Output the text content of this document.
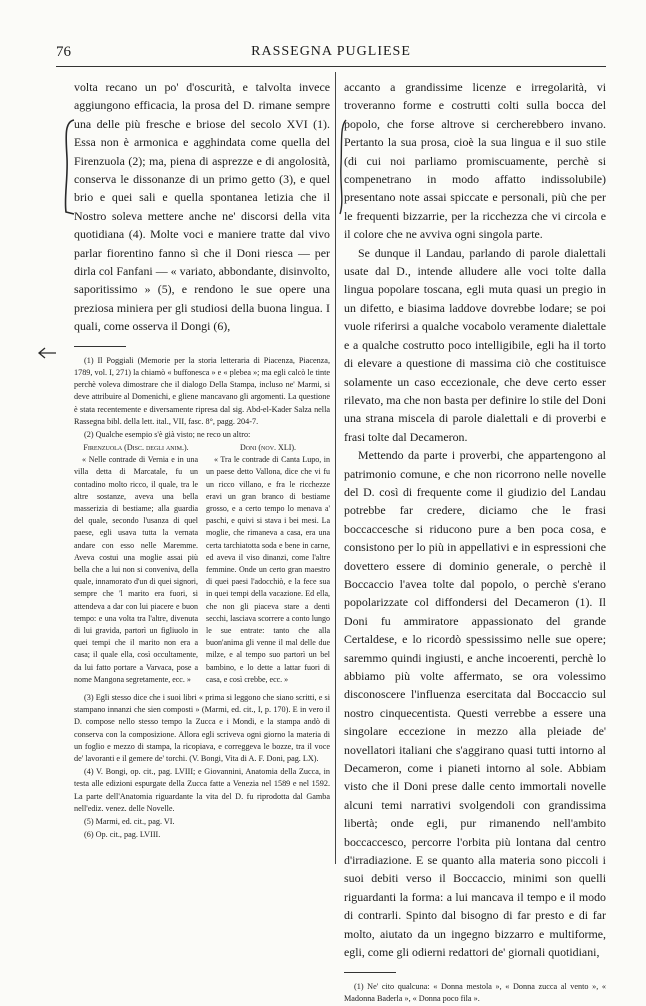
76	RASSEGNA PUGLIESE

volta recano un po' d'oscurità, e talvolta invece aggiungono efficacia, la prosa del D. rimane sempre una delle più fresche e briose del secolo XVI (1). Essa non è armonica e agghindata come quella del Firenzuola (2); ma, piena di asprezze e di angolosità, conserva le dissonanze di un primo getto (3), e quel brio e quei sali e quella spontanea letizia che il Nostro soleva mettere anche ne' discorsi della vita quotidiana (4). Molte voci e maniere tratte dal vivo parlar fiorentino fanno sì che il Doni riesca — per dirla col Fanfani — « variato, abbondante, disinvolto, saporitissimo » (5), e rendono le sue opere una preziosa miniera per gli studiosi della buona lingua. I quali, come osserva il Dongi (6),

(1) Il Poggiali (Memorie per la storia letteraria di Piacenza, Piacenza, 1789, vol. I, 271) la chiamò « buffonesca » e « plebea »; ma egli calcò le tinte perchè voleva dimostrare che il dialogo Della Stampa, incluso ne' Marmi, si deve attribuire al Domenichi, e gliene mancavano gli argomenti. La questione è stata recentemente e diversamente ripresa dal sig. Abd-el-Kader Salza nella Rassegna bibl. della lett. ital., VII, fasc. 8°, pagg. 204-7.

(2) Qualche esempio s'è già visto; ne reco un altro:

Firenzuola (Disc. degli anim.).

« Nelle contrade di Vernia e in una villa detta di Marcatale, fu un contadino molto ricco, il quale, tra le altre sostanze, aveva una bella masserizia di bestiame; alla guardia del quale, secondo l'usanza di quel paese, egli usava tutta la vernata andare con esso nelle Maremme. Aveva costui una moglie assai più bella che a lui non si conveniva, della quale, innamorato d'un di quei signori, sempre che 'l marito era fuori, si attendeva a dar con lui piacere e buon tempo: e una volta tra l'altre, divenuta di lui gravida, partorì un figliuolo in quei tempi che il marito non era a casa; il quale ella, così occultamente, da lui fatto portare a Varvaca, pose a nome Mangona segretamente, ecc. »

Doni (nov. XLI).

« Tra le contrade di Canta Lupo, in un paese detto Vallona, dice che vi fu un ricco villano, e fra le ricchezze eravi un gran branco di bestiame grosso, e a certo tempo lo menava a' paschi, e quivi si stava i bei mesi. La moglie, che rimaneva a casa, era una certa tarchiatotta soda e bene in carne, ed aveva il viso dinanzi, come l'altre femmine. Onde un certo gran maestro di quei paesi l'adocchiò, e la fece sua in quei tempi della vacazione. Ed ella, che non gli piaceva stare a denti secchi, lasciava scorrere a conto lungo le sue entrate: tanto che alla buon'anima gli venne il mal delle due milze, e al tempo suo partorì un bel bambino, e lo dette a lattar fuori di casa, e così crebbe, ecc. »

(3) Egli stesso dice che i suoi libri « prima si leggono che siano scritti, e si stampano innanzi che sien composti » (Marmi, ed. cit., I, p. 170). E in vero il D. compose nello stesso tempo la Zucca e i Mondi, e la stampa andò di conserva con la composizione. Allora egli scriveva ogni giorno la materia di un foglio e mezzo di stampa, la ricopiava, e correggeva le bozze, tra il voce de' lavoranti e il gemere de' torchi. (V. Bongi, Vita di A. F. Doni, pag. LX).

(4) V. Bongi, op. cit., pag. LVIII; e Giovannini, Anatomia della Zucca, in testa alle edizioni espurgate della Zucca fatte a Venezia nel 1589 e nel 1592. La parte dell'Anatomia riguardante la vita del D. fu riprodotta dal Gamba nell'ediz. venez. delle Novelle.

(5) Marmi, ed. cit., pag. VI.

(6) Op. cit., pag. LVIII.

accanto a grandissime licenze e irregolarità, vi troveranno forme e costrutti colti sulla bocca del popolo, che forse altrove si cercherebbero invano. Pertanto la sua prosa, cioè la sua lingua e il suo stile (di cui noi parliamo promiscuamente, perchè si compenetrano in modo affatto indissolubile) presentano note assai spiccate e personali, più che per le frequenti bizzarrie, per la ricchezza che vi circola e il colore che ne avviva ogni singola parte.

Se dunque il Landau, parlando di parole dialettali usate dal D., intende alludere alle voci tolte dalla lingua popolare toscana, egli muta quasi un pregio in un difetto, e biasima laddove dovrebbe lodare; se poi vuole riferirsi a qualche vocabolo veramente dialettale e a qualche costrutto poco intelligibile, egli ha il torto di elevare a questione di massima ciò che costituisce solamente un caso eccezionale, che deve certo esser rilevato, ma che non basta per definire lo stile del Doni una strana miscela di parole dialettali e di proverbi e frasi tolte dal Decameron.

Mettendo da parte i proverbi, che appartengono al patrimonio comune, e che non ricorrono nelle novelle del D. così di frequente come il giudizio del Landau potrebbe far credere, diciamo che le frasi boccaccesche si riducono pure a ben poca cosa, e consistono per lo più in appellativi e in espressioni che dovettero essere di dominio generale, o perchè il Boccaccio l'avea tolte dal popolo, o perchè s'erano popolarizzate col diffondersi del Decameron (1). Il Doni fu ammiratore appassionato del grande Certaldese, e lo ricordò spessissimo nelle sue opere; saremmo quindi ingiusti, e anche incoerenti, perchè lo abbiamo più volte affermato, se ora volessimo disconoscere l'influenza esercitata dal Boccaccio sul nostro cinquecentista. Questi verrebbe a essere una singolare eccezione in mezzo alla pleiade de' novellatori italiani che s'aggirano quasi tutti intorno al Decameron, come i pianeti intorno al sole. Abbiam visto che il Doni prese dalle cento immortali novelle alcuni temi narrativi svolgendoli con grandissima libertà; onde egli, pur rimanendo nell'ambito boccaccesco, percorre l'orbita più lontana dal centro d'irradiazione. E se quanto alla materia sono piccoli i suoi debiti verso il Boccaccio, minimi son quelli riguardanti la forma: a lui mancava il tempo e il modo di contrarli. Spinto dal bisogno di far presto e di far molto, aiutato da un ingegno bizzarro e multiforme, egli, come gli odierni redattori de' giornali quotidiani,

(1) Ne' cito qualcuna: « Donna mestola », « Donna zucca al vento », « Madonna Baderla », « Donna poco fila ».
